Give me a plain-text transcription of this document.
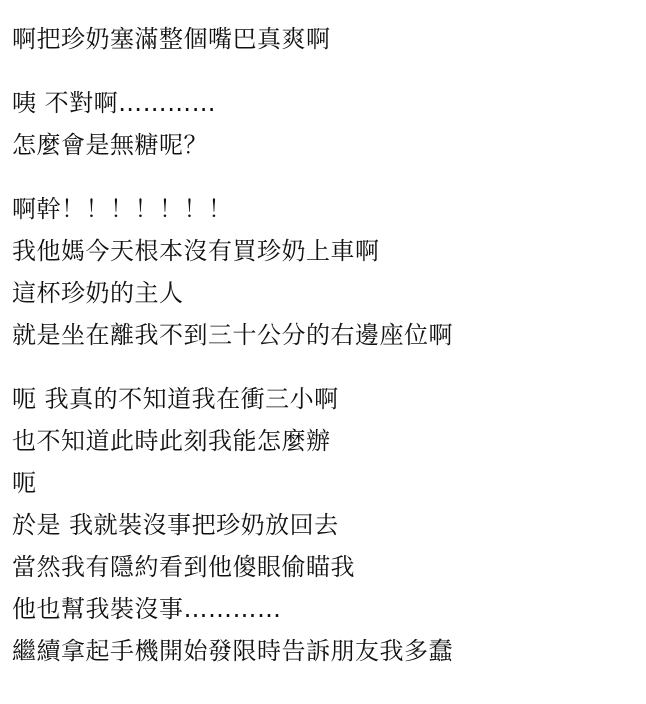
啊把珍奶塞滿整個嘴巴真爽啊
咦 不對啊…………
怎麼會是無糖呢？
啊幹！！！！！！！
我他媽今天根本沒有買珍奶上車啊
這杯珍奶的主人
就是坐在離我不到三十公分的右邊座位啊
呃 我真的不知道我在衝三小啊
也不知道此時此刻我能怎麼辦
呃
於是 我就裝沒事把珍奶放回去
當然我有隱約看到他傻眼偷瞄我
他也幫我裝沒事…………
繼續拿起手機開始發限時告訴朋友我多蠢
